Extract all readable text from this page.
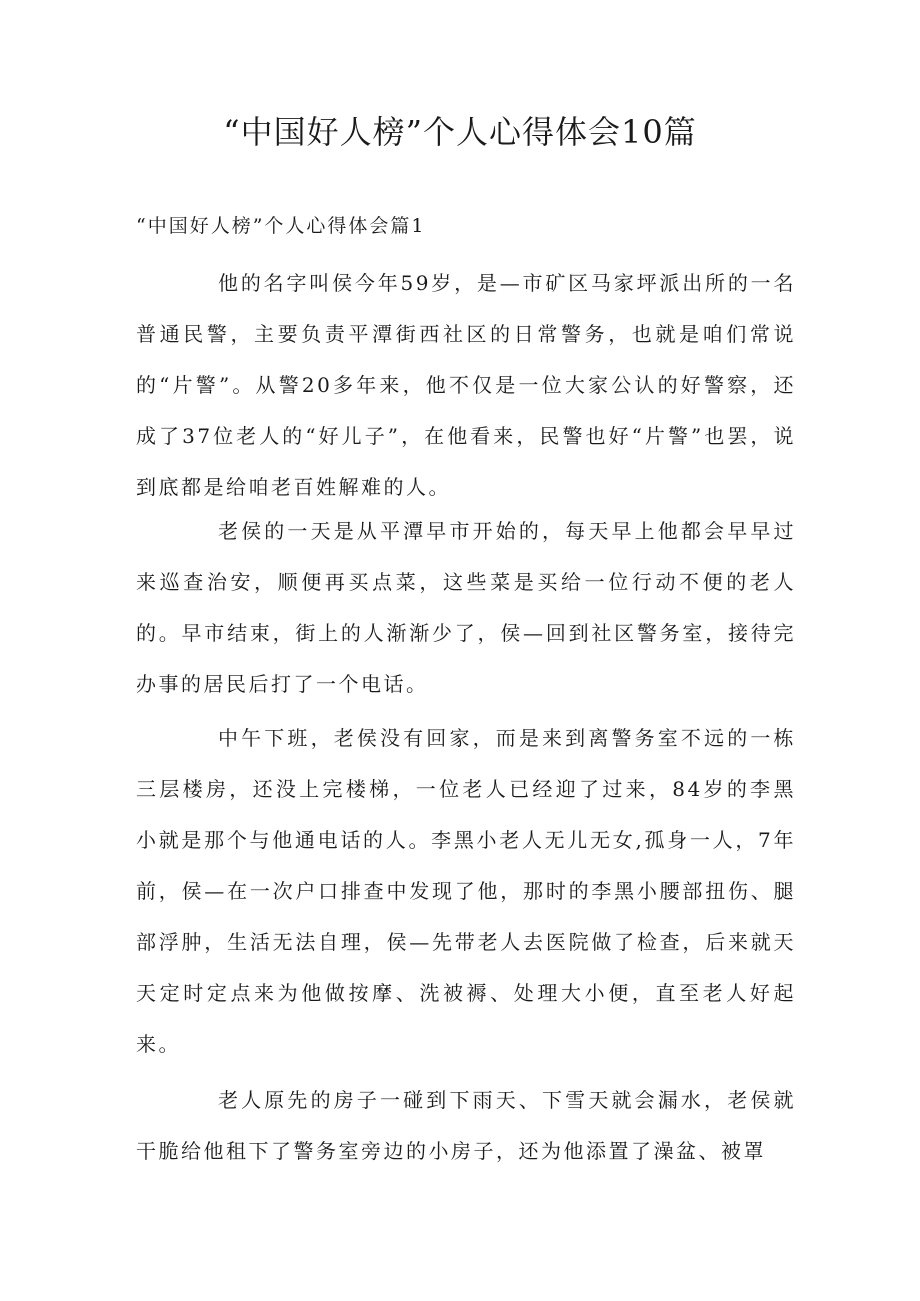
“中国好人榜”个人心得体会10篇
“中国好人榜”个人心得体会篇1

他的名字叫侯今年59岁，是—市矿区马家坪派出所的一名普通民警，主要负责平潭街西社区的日常警务，也就是咱们常说的“片警”。从警20多年来，他不仅是一位大家公认的好警察，还成了37位老人的“好儿子”，在他看来，民警也好“片警”也罢，说到底都是给咱老百姓解难的人。

老侯的一天是从平潭早市开始的，每天早上他都会早早过来巡查治安，顺便再买点菜，这些菜是买给一位行动不便的老人的。早市结束，街上的人渐渐少了，侯—回到社区警务室，接待完办事的居民后打了一个电话。

中午下班，老侯没有回家，而是来到离警务室不远的一栋三层楼房，还没上完楼梯，一位老人已经迎了过来，84岁的李黑小就是那个与他通电话的人。李黑小老人无儿无女,孤身一人，7年前，侯—在一次户口排查中发现了他，那时的李黑小腰部扭伤、腿部浮肿，生活无法自理，侯—先带老人去医院做了检查，后来就天天定时定点来为他做按摩、洗被褥、处理大小便，直至老人好起来。

老人原先的房子一碰到下雨天、下雪天就会漏水，老侯就干脆给他租下了警务室旁边的小房子，还为他添置了澡盆、被罩
